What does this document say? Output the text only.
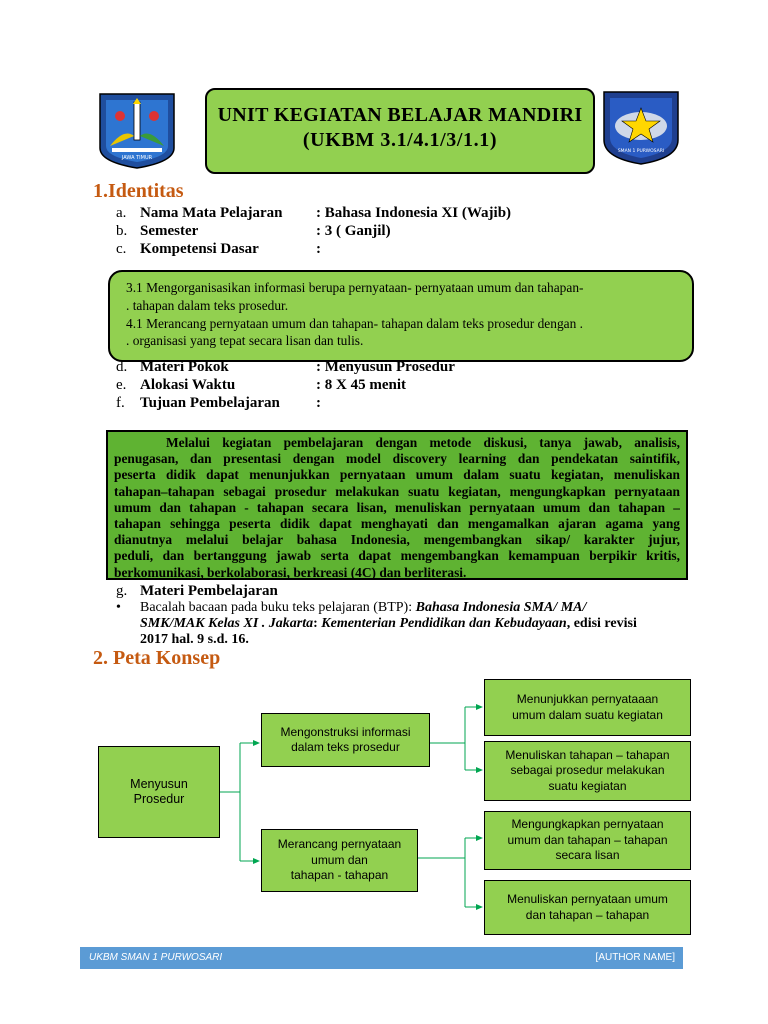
JAWA TIMUR
UNIT KEGIATAN BELAJAR MANDIRI
(UKBM 3.1/4.1/3/1.1)
SMAN 1 PURWOSARI
1.Identitas
a. Nama Mata Pelajaran : Bahasa Indonesia XI (Wajib)
b. Semester	: 3 ( Ganjil)
c. Kompetensi Dasar	:
3.1 Mengorganisasikan informasi berupa pernyataan- pernyataan umum dan tahapan-
. tahapan dalam teks prosedur.
4.1 Merancang pernyataan umum dan tahapan- tahapan dalam teks prosedur dengan .
. organisasi yang tepat secara lisan dan tulis.
d. Materi Pokok	: Menyusun Prosedur
e. Alokasi Waktu	: 8 X 45 menit
f. Tujuan Pembelajaran :
Melalui kegiatan pembelajaran dengan metode diskusi, tanya jawab, analisis,
penugasan, dan presentasi dengan model discovery learning dan pendekatan saintifik,
peserta didik dapat menunjukkan pernyataan umum dalam suatu kegiatan, menuliskan
tahapan–tahapan sebagai prosedur melakukan suatu kegiatan, mengungkapkan pernyataan
umum dan tahapan - tahapan secara lisan, menuliskan pernyataan umum dan tahapan –
tahapan sehingga peserta didik dapat menghayati dan mengamalkan ajaran agama yang
dianutnya melalui belajar bahasa Indonesia, mengembangkan sikap/ karakter jujur,
peduli, dan bertanggung jawab serta dapat mengembangkan kemampuan berpikir kritis,
berkomunikasi, berkolaborasi, berkreasi (4C) dan berliterasi.
g. Materi Pembelajaran
•	Bacalah bacaan pada buku teks pelajaran (BTP): Bahasa Indonesia SMA/ MA/
SMK/MAK Kelas XI . Jakarta: Kementerian Pendidikan dan Kebudayaan, edisi revisi
2017 hal. 9 s.d. 16.
2. Peta Konsep
Menyusun
Prosedur
Mengonstruksi informasi
dalam teks prosedur
Merancang pernyataan
umum dan
tahapan - tahapan
Menunjukkan pernyataaan
umum dalam suatu kegiatan
Menuliskan tahapan – tahapan
sebagai prosedur melakukan
suatu kegiatan
Mengungkapkan pernyataan
umum dan tahapan – tahapan
secara lisan
Menuliskan pernyataan umum
dan tahapan – tahapan
UKBM SMAN 1 PURWOSARI	[AUTHOR NAME]
